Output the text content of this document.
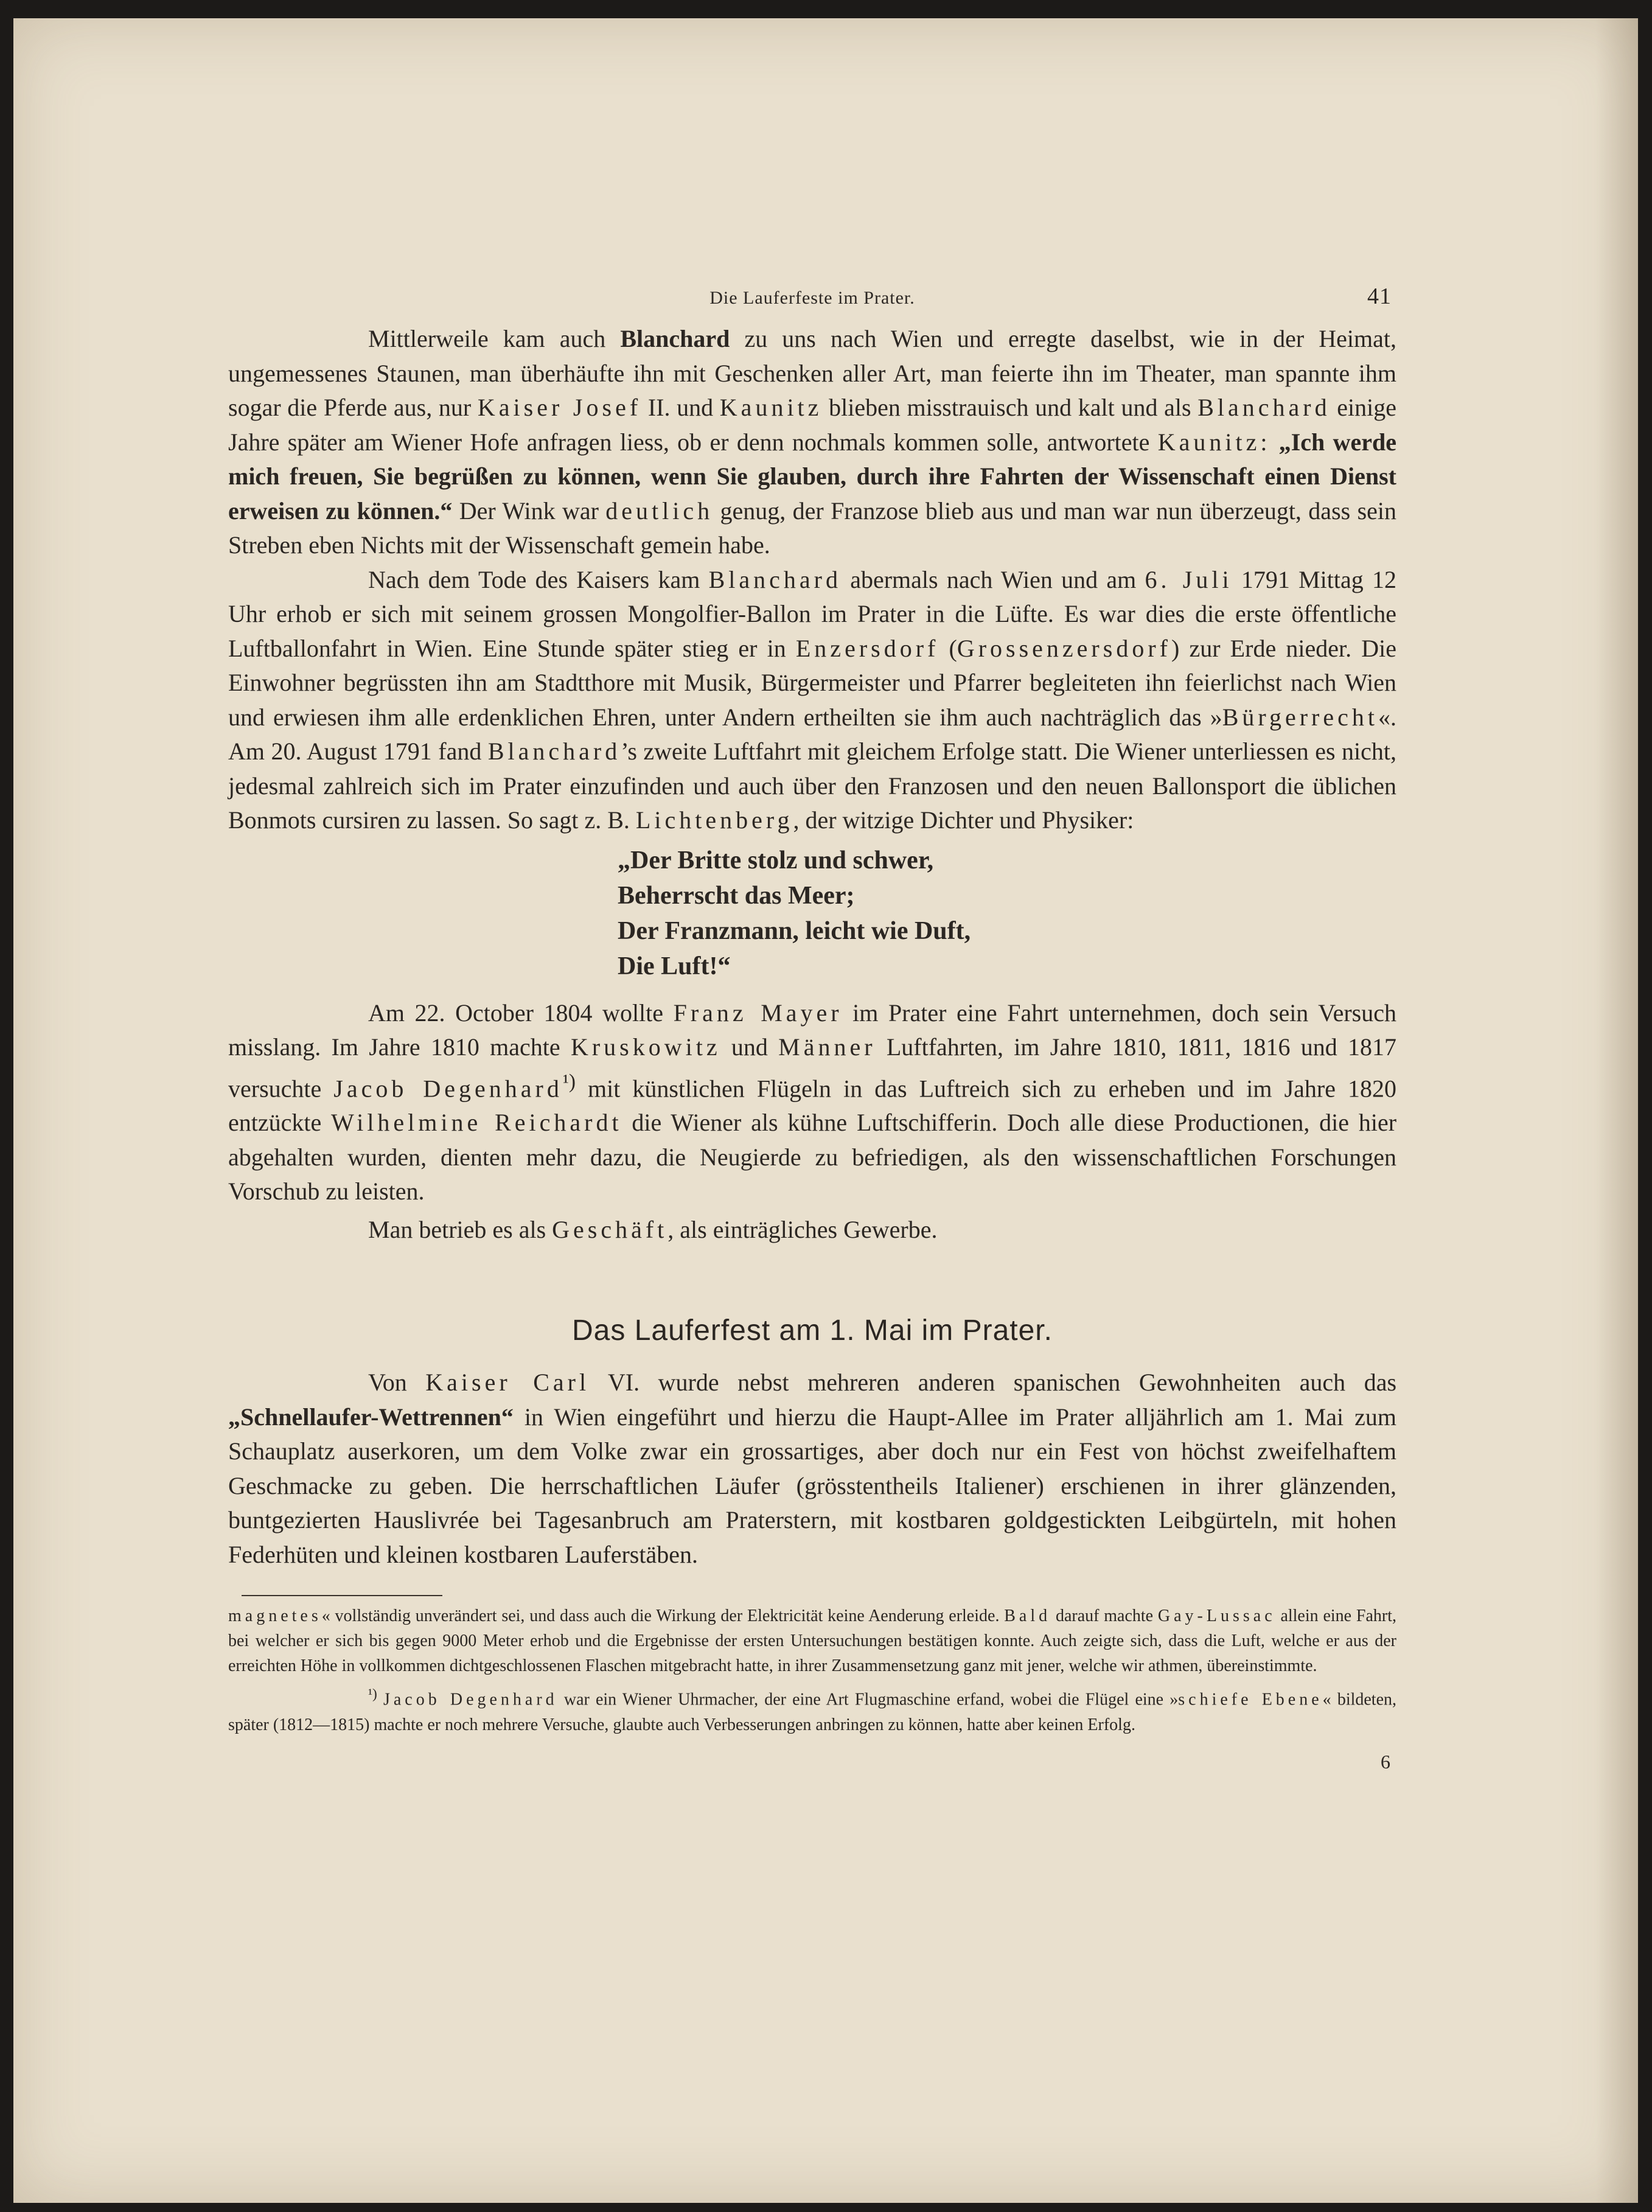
Die Lauferfeste im Prater.	41

Mittlerweile kam auch Blanchard zu uns nach Wien und erregte daselbst, wie in der Heimat, ungemessenes Staunen, man überhäufte ihn mit Geschenken aller Art, man feierte ihn im Theater, man spannte ihm sogar die Pferde aus, nur Kaiser Josef II. und Kaunitz blieben misstrauisch und kalt und als Blanchard einige Jahre später am Wiener Hofe anfragen liess, ob er denn nochmals kommen solle, antwortete Kaunitz: „Ich werde mich freuen, Sie begrüßen zu können, wenn Sie glauben, durch ihre Fahrten der Wissenschaft einen Dienst erweisen zu können.“ Der Wink war deutlich genug, der Franzose blieb aus und man war nun überzeugt, dass sein Streben eben Nichts mit der Wissenschaft gemein habe.

Nach dem Tode des Kaisers kam Blanchard abermals nach Wien und am 6. Juli 1791 Mittag 12 Uhr erhob er sich mit seinem grossen Mongolfier-Ballon im Prater in die Lüfte. Es war dies die erste öffentliche Luftballonfahrt in Wien. Eine Stunde später stieg er in Enzersdorf (Grossenzersdorf) zur Erde nieder. Die Einwohner begrüssten ihn am Stadtthore mit Musik, Bürgermeister und Pfarrer begleiteten ihn feierlichst nach Wien und erwiesen ihm alle erdenklichen Ehren, unter Andern ertheilten sie ihm auch nachträglich das »Bürgerrecht«. Am 20. August 1791 fand Blanchard’s zweite Luftfahrt mit gleichem Erfolge statt. Die Wiener unterliessen es nicht, jedesmal zahlreich sich im Prater einzufinden und auch über den Franzosen und den neuen Ballonsport die üblichen Bonmots cursiren zu lassen. So sagt z. B. Lichtenberg, der witzige Dichter und Physiker:

„Der Britte stolz und schwer,
Beherrscht das Meer;
Der Franzmann, leicht wie Duft,
Die Luft!“

Am 22. October 1804 wollte Franz Mayer im Prater eine Fahrt unternehmen, doch sein Versuch misslang. Im Jahre 1810 machte Kruskowitz und Männer Luftfahrten, im Jahre 1810, 1811, 1816 und 1817 versuchte Jacob Degenhard$^{^1)}$ mit künstlichen Flügeln in das Luftreich sich zu erheben und im Jahre 1820 entzückte Wilhelmine Reichardt die Wiener als kühne Luftschifferin. Doch alle diese Productionen, die hier abgehalten wurden, dienten mehr dazu, die Neugierde zu befriedigen, als den wissenschaftlichen Forschungen Vorschub zu leisten.

Man betrieb es als Geschäft, als einträgliches Gewerbe.

Das Lauferfest am 1. Mai im Prater.

Von Kaiser Carl VI. wurde nebst mehreren anderen spanischen Gewohnheiten auch das „Schnellaufer-Wettrennen“ in Wien eingeführt und hierzu die Haupt-Allee im Prater alljährlich am 1. Mai zum Schauplatz auserkoren, um dem Volke zwar ein grossartiges, aber doch nur ein Fest von höchst zweifelhaftem Geschmacke zu geben. Die herrschaftlichen Läufer (grösstentheils Italiener) erschienen in ihrer glänzenden, buntgezierten Hauslivrée bei Tagesanbruch am Praterstern, mit kostbaren goldgestickten Leibgürteln, mit hohen Federhüten und kleinen kostbaren Lauferstäben.

magnetes« vollständig unverändert sei, und dass auch die Wirkung der Elektricität keine Aenderung erleide. Bald darauf machte Gay-Lussac allein eine Fahrt, bei welcher er sich bis gegen 9000 Meter erhob und die Ergebnisse der ersten Untersuchungen bestätigen konnte. Auch zeigte sich, dass die Luft, welche er aus der erreichten Höhe in vollkommen dichtgeschlossenen Flaschen mitgebracht hatte, in ihrer Zusammensetzung ganz mit jener, welche wir athmen, übereinstimmte.

$^{^1)}$ Jacob Degenhard war ein Wiener Uhrmacher, der eine Art Flugmaschine erfand, wobei die Flügel eine »schiefe Ebene« bildeten, später (1812—1815) machte er noch mehrere Versuche, glaubte auch Verbesserungen anbringen zu können, hatte aber keinen Erfolg.

6
